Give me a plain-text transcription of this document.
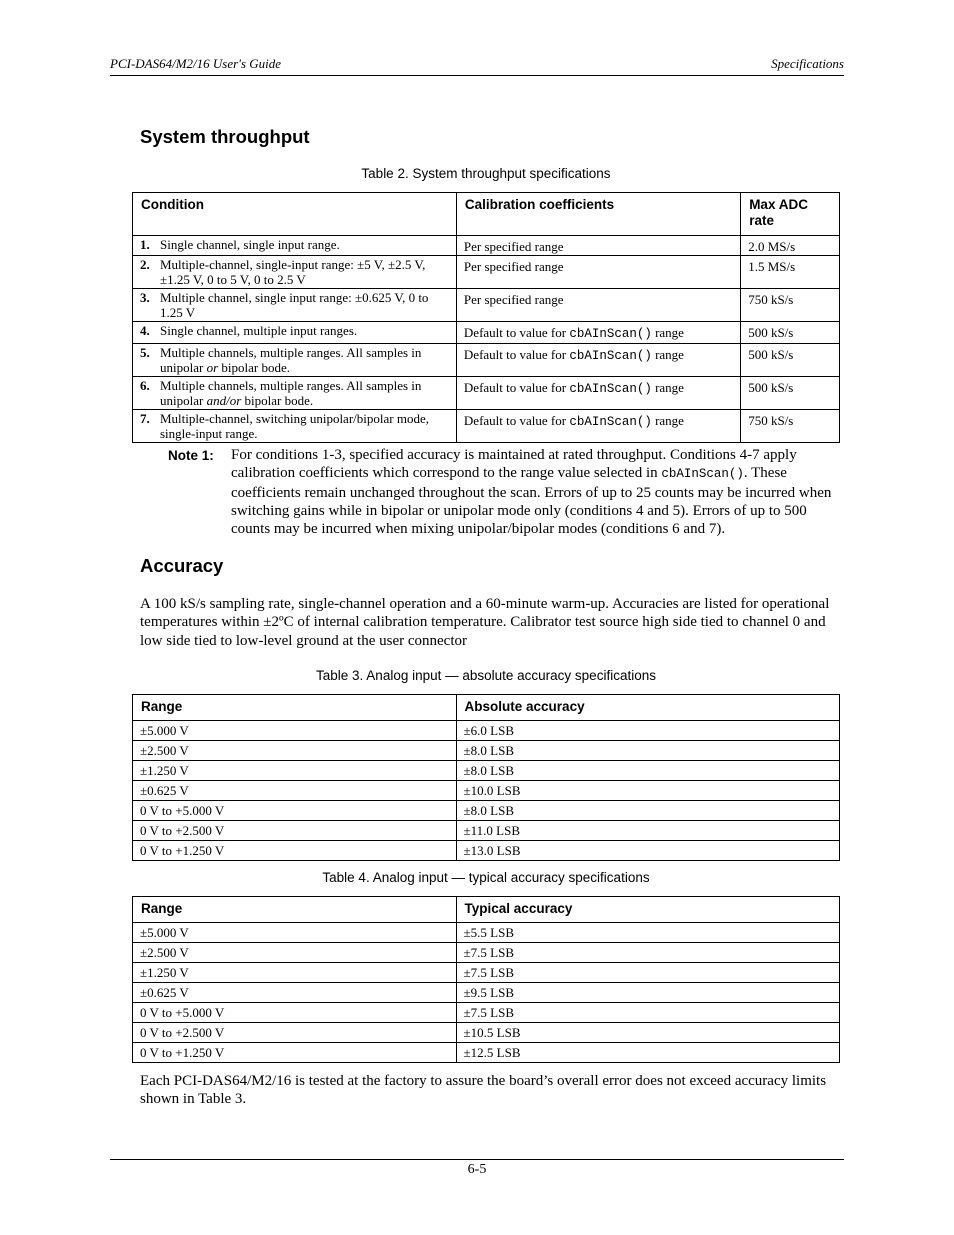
PCI-DAS64/M2/16 User's Guide	Specifications
System throughput
Table 2. System throughput specifications
Condition	Calibration coefficients	Max ADC rate
1. Single channel, single input range.	Per specified range	2.0 MS/s
2. Multiple-channel, single-input range: ±5 V, ±2.5 V, ±1.25 V, 0 to 5 V, 0 to 2.5 V	Per specified range	1.5 MS/s
3. Multiple channel, single input range: ±0.625 V, 0 to 1.25 V	Per specified range	750 kS/s
4. Single channel, multiple input ranges.	Default to value for cbAInScan() range	500 kS/s
5. Multiple channels, multiple ranges. All samples in unipolar or bipolar bode.	Default to value for cbAInScan() range	500 kS/s
6. Multiple channels, multiple ranges. All samples in unipolar and/or bipolar bode.	Default to value for cbAInScan() range	500 kS/s
7. Multiple-channel, switching unipolar/bipolar mode, single-input range.	Default to value for cbAInScan() range	750 kS/s
Note 1: For conditions 1-3, specified accuracy is maintained at rated throughput. Conditions 4-7 apply calibration coefficients which correspond to the range value selected in cbAInScan(). These coefficients remain unchanged throughout the scan. Errors of up to 25 counts may be incurred when switching gains while in bipolar or unipolar mode only (conditions 4 and 5). Errors of up to 500 counts may be incurred when mixing unipolar/bipolar modes (conditions 6 and 7).
Accuracy
A 100 kS/s sampling rate, single-channel operation and a 60-minute warm-up. Accuracies are listed for operational temperatures within ±2ºC of internal calibration temperature. Calibrator test source high side tied to channel 0 and low side tied to low-level ground at the user connector
Table 3. Analog input — absolute accuracy specifications
Range	Absolute accuracy
±5.000 V	±6.0 LSB
±2.500 V	±8.0 LSB
±1.250 V	±8.0 LSB
±0.625 V	±10.0 LSB
0 V to +5.000 V	±8.0 LSB
0 V to +2.500 V	±11.0 LSB
0 V to +1.250 V	±13.0 LSB
Table 4. Analog input — typical accuracy specifications
Range	Typical accuracy
±5.000 V	±5.5 LSB
±2.500 V	±7.5 LSB
±1.250 V	±7.5 LSB
±0.625 V	±9.5 LSB
0 V to +5.000 V	±7.5 LSB
0 V to +2.500 V	±10.5 LSB
0 V to +1.250 V	±12.5 LSB
Each PCI-DAS64/M2/16 is tested at the factory to assure the board’s overall error does not exceed accuracy limits shown in Table 3.
6-5
